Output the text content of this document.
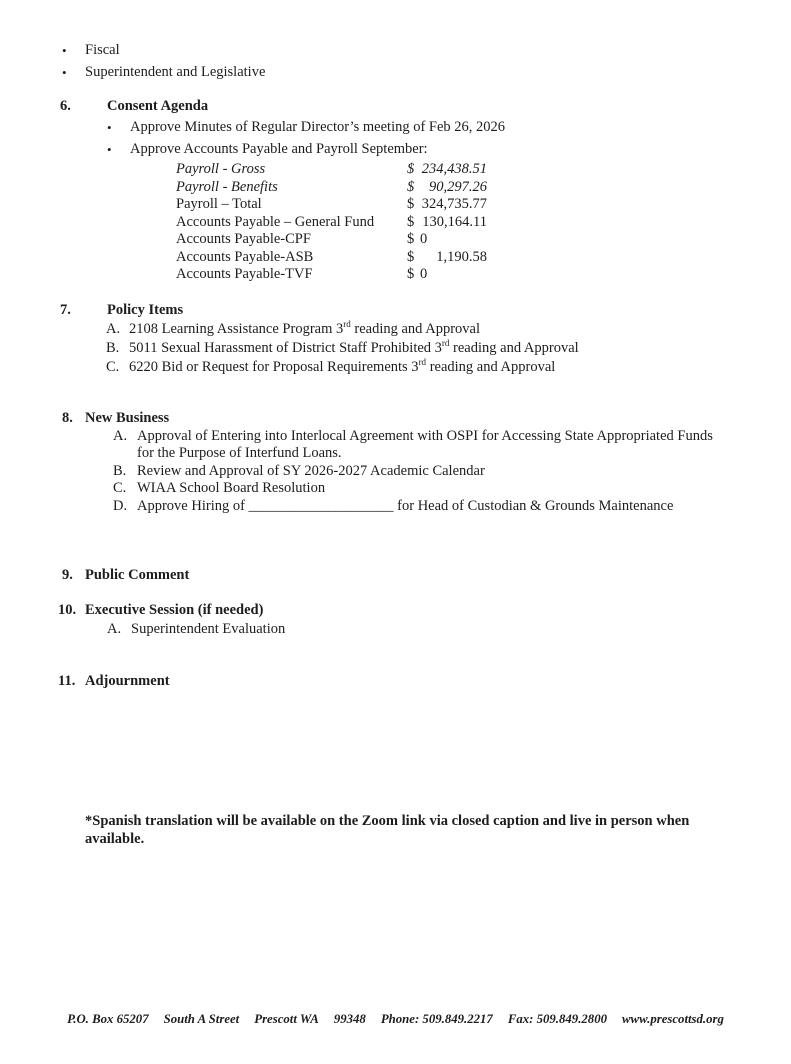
•
Fiscal
•
Superintendent and Legislative
6.	Consent Agenda
•
Approve Minutes of Regular Director’s meeting of Feb 26, 2026
•
Approve Accounts Payable and Payroll September:
Payroll - Gross	$ 234,438.51
Payroll - Benefits	$	90,297.26
Payroll – Total	$ 324,735.77
Accounts Payable – General Fund	$ 130,164.11
Accounts Payable-CPF	$ 0
Accounts Payable-ASB	$	1,190.58
Accounts Payable-TVF	$ 0
7.	Policy Items
A. 2108 Learning Assistance Program 3rd reading and Approval
B. 5011 Sexual Harassment of District Staff Prohibited 3rd reading and Approval
C. 6220 Bid or Request for Proposal Requirements 3rd reading and Approval
8. New Business
A. Approval of Entering into Interlocal Agreement with OSPI for Accessing State Appropriated Funds for the Purpose of Interfund Loans.
B. Review and Approval of SY 2026-2027 Academic Calendar
C. WIAA School Board Resolution
D. Approve Hiring of ____________________ for Head of Custodian & Grounds Maintenance
9. Public Comment
10. Executive Session (if needed)
A. Superintendent Evaluation
11. Adjournment
*Spanish translation will be available on the Zoom link via closed caption and live in person when available.
P.O. Box 65207 South A Street Prescott WA 99348 Phone: 509.849.2217 Fax: 509.849.2800 www.prescottsd.org
